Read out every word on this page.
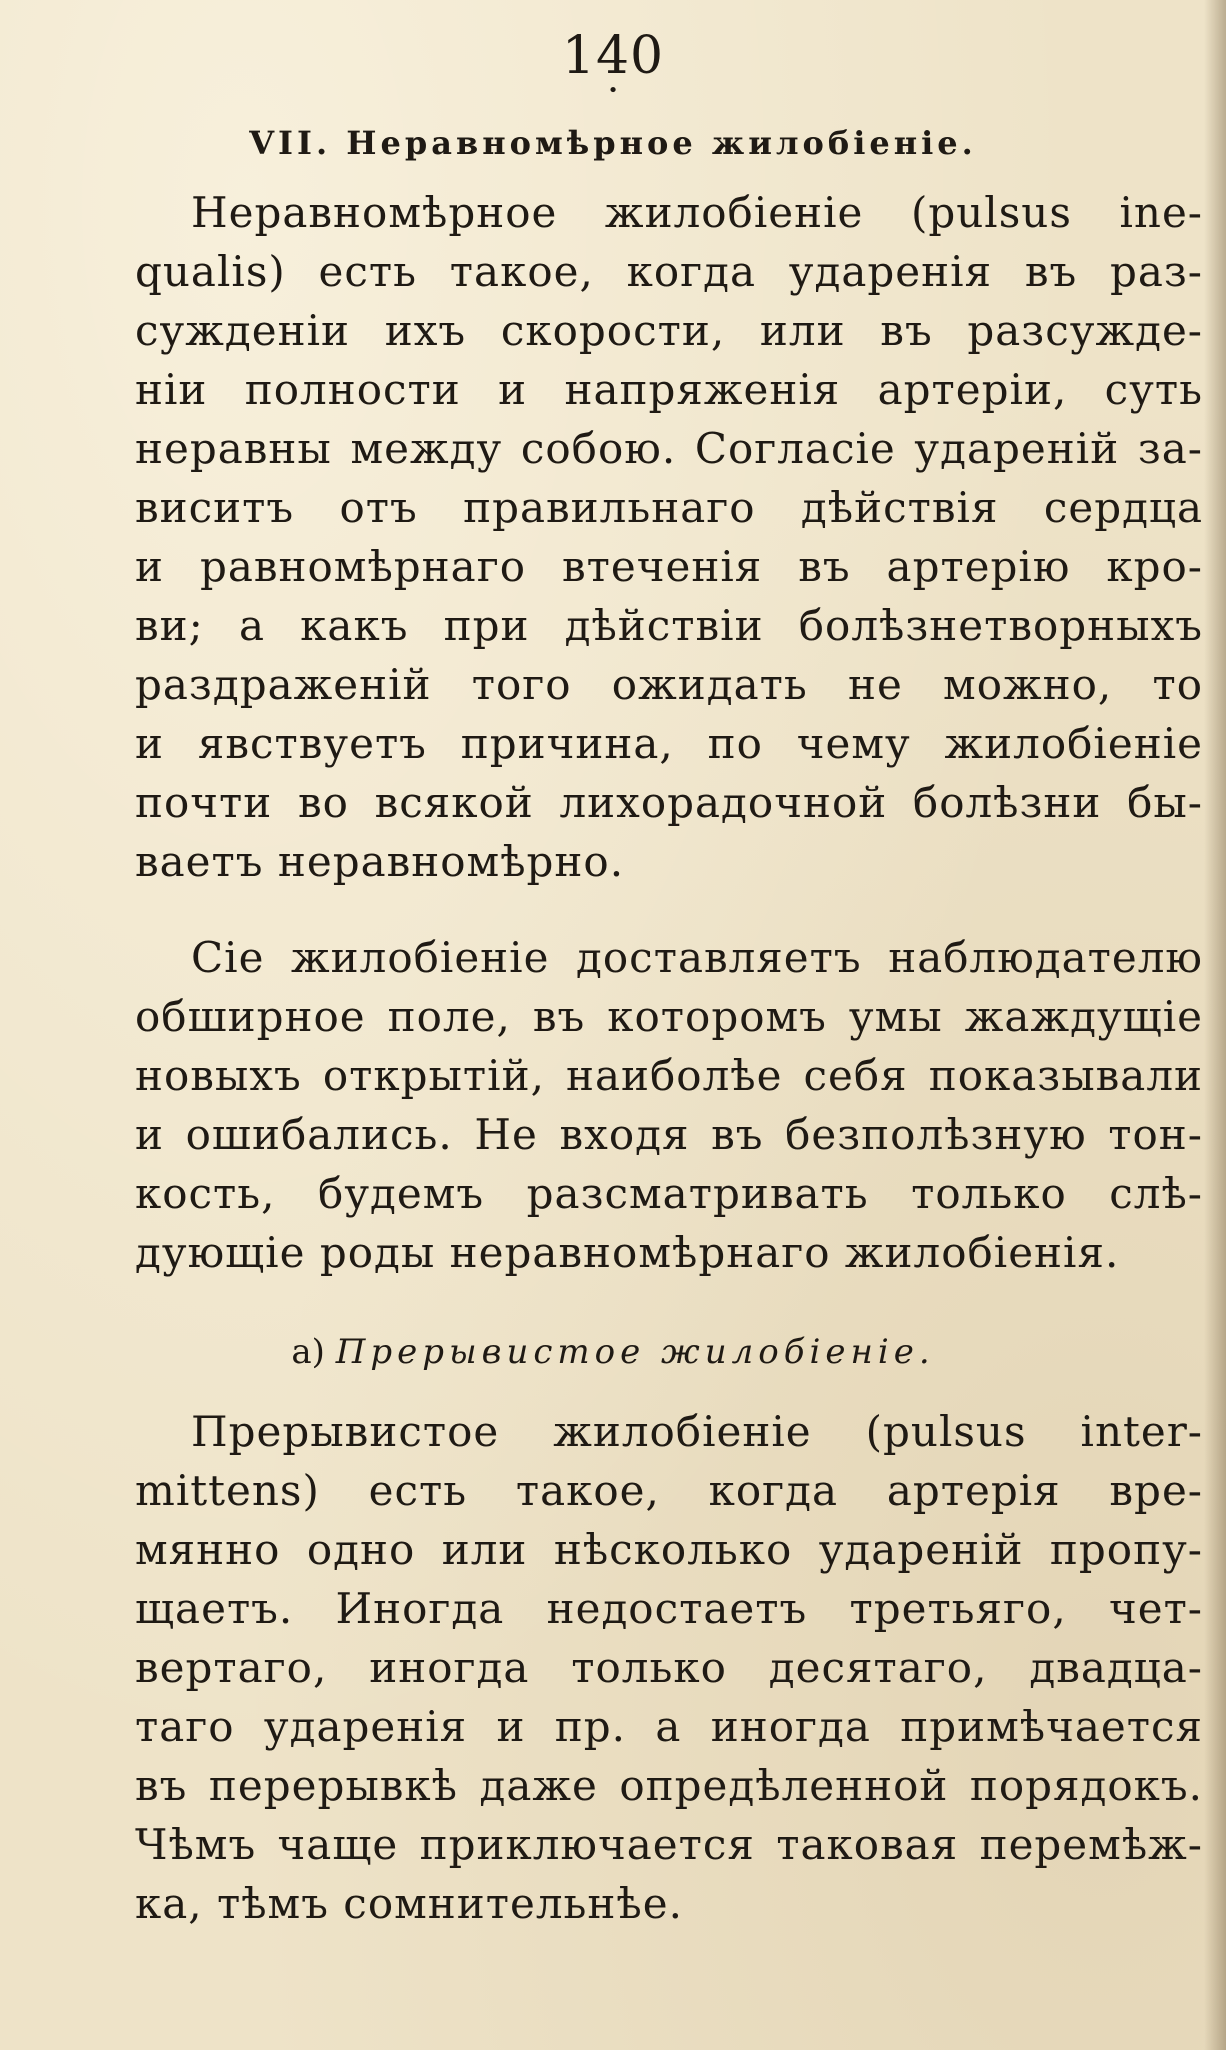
140
•
VII. Неравномѣрное жилобіеніе.
Неравномѣрное жилобіеніе (pulsus ine-
qualis) есть такое, когда ударенія въ раз-
сужденіи ихъ скорости, или въ разсужде-
ніи полности и напряженія артеріи, суть
неравны между собою. Согласіе ударенiй за-
виситъ отъ правильнаго дѣйствія сердца
и равномѣрнаго втеченія въ артерію кро-
ви; а какъ при дѣйствіи болѣзнетворныхъ
раздраженiй того ожидать не можно, то
и явствуетъ причина, по чему жилобіеніе
почти во всякой лихорадочной болѣзни бы-
ваетъ неравномѣрно.
Сіе жилобіеніе доставляетъ наблюдателю
обширное поле, въ которомъ умы жаждущіе
новыхъ открытiй, наиболѣе себя показывали
и ошибались. Не входя въ безполѣзную тон-
кость, будемъ разсматривать только слѣ-
дующіе роды неравномѣрнаго жилобіенія.
а) Прерывистое жилобіеніе.
Прерывистое жилобіеніе (pulsus inter-
mittens) есть такое, когда артерія вре-
мянно одно или нѣсколько ударенiй пропу-
щаетъ. Иногда недостаетъ третьяго, чет-
вертаго, иногда только десятаго, двадца-
таго ударенія и пр. а иногда примѣчается
въ перерывкѣ даже опредѣленной порядокъ.
Чѣмъ чаще приключается таковая перемѣж-
ка, тѣмъ сомнительнѣе.
